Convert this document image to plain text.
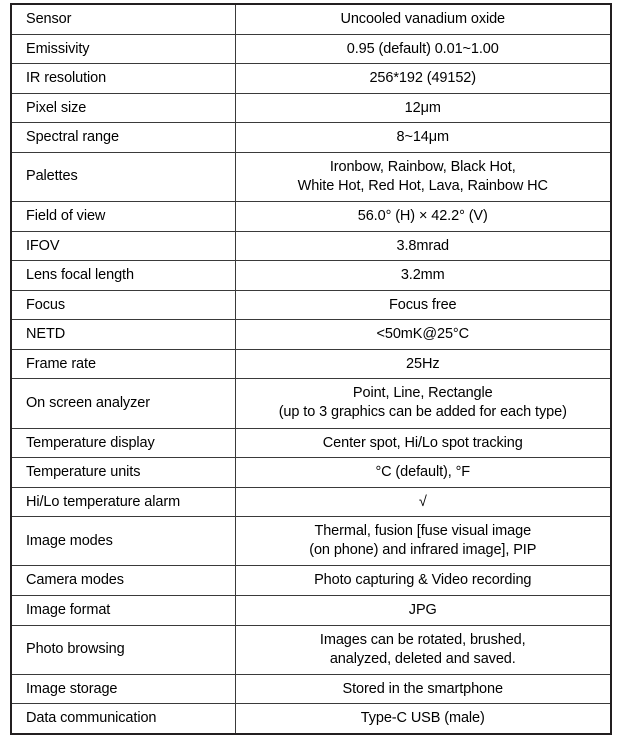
Sensor	Uncooled vanadium oxide
Emissivity	0.95 (default) 0.01~1.00
IR resolution	256*192 (49152)
Pixel size	12μm
Spectral range	8~14μm
Palettes	Ironbow, Rainbow, Black Hot,
White Hot, Red Hot, Lava, Rainbow HC
Field of view	56.0° (H) × 42.2° (V)
IFOV	3.8mrad
Lens focal length	3.2mm
Focus	Focus free
NETD	<50mK@25°C
Frame rate	25Hz
On screen analyzer	Point, Line, Rectangle
(up to 3 graphics can be added for each type)
Temperature display	Center spot, Hi/Lo spot tracking
Temperature units	°C (default), °F
Hi/Lo temperature alarm	√
Image modes	Thermal, fusion [fuse visual image
(on phone) and infrared image], PIP
Camera modes	Photo capturing & Video recording
Image format	JPG
Photo browsing	Images can be rotated, brushed,
analyzed, deleted and saved.
Image storage	Stored in the smartphone
Data communication	Type-C USB (male)
